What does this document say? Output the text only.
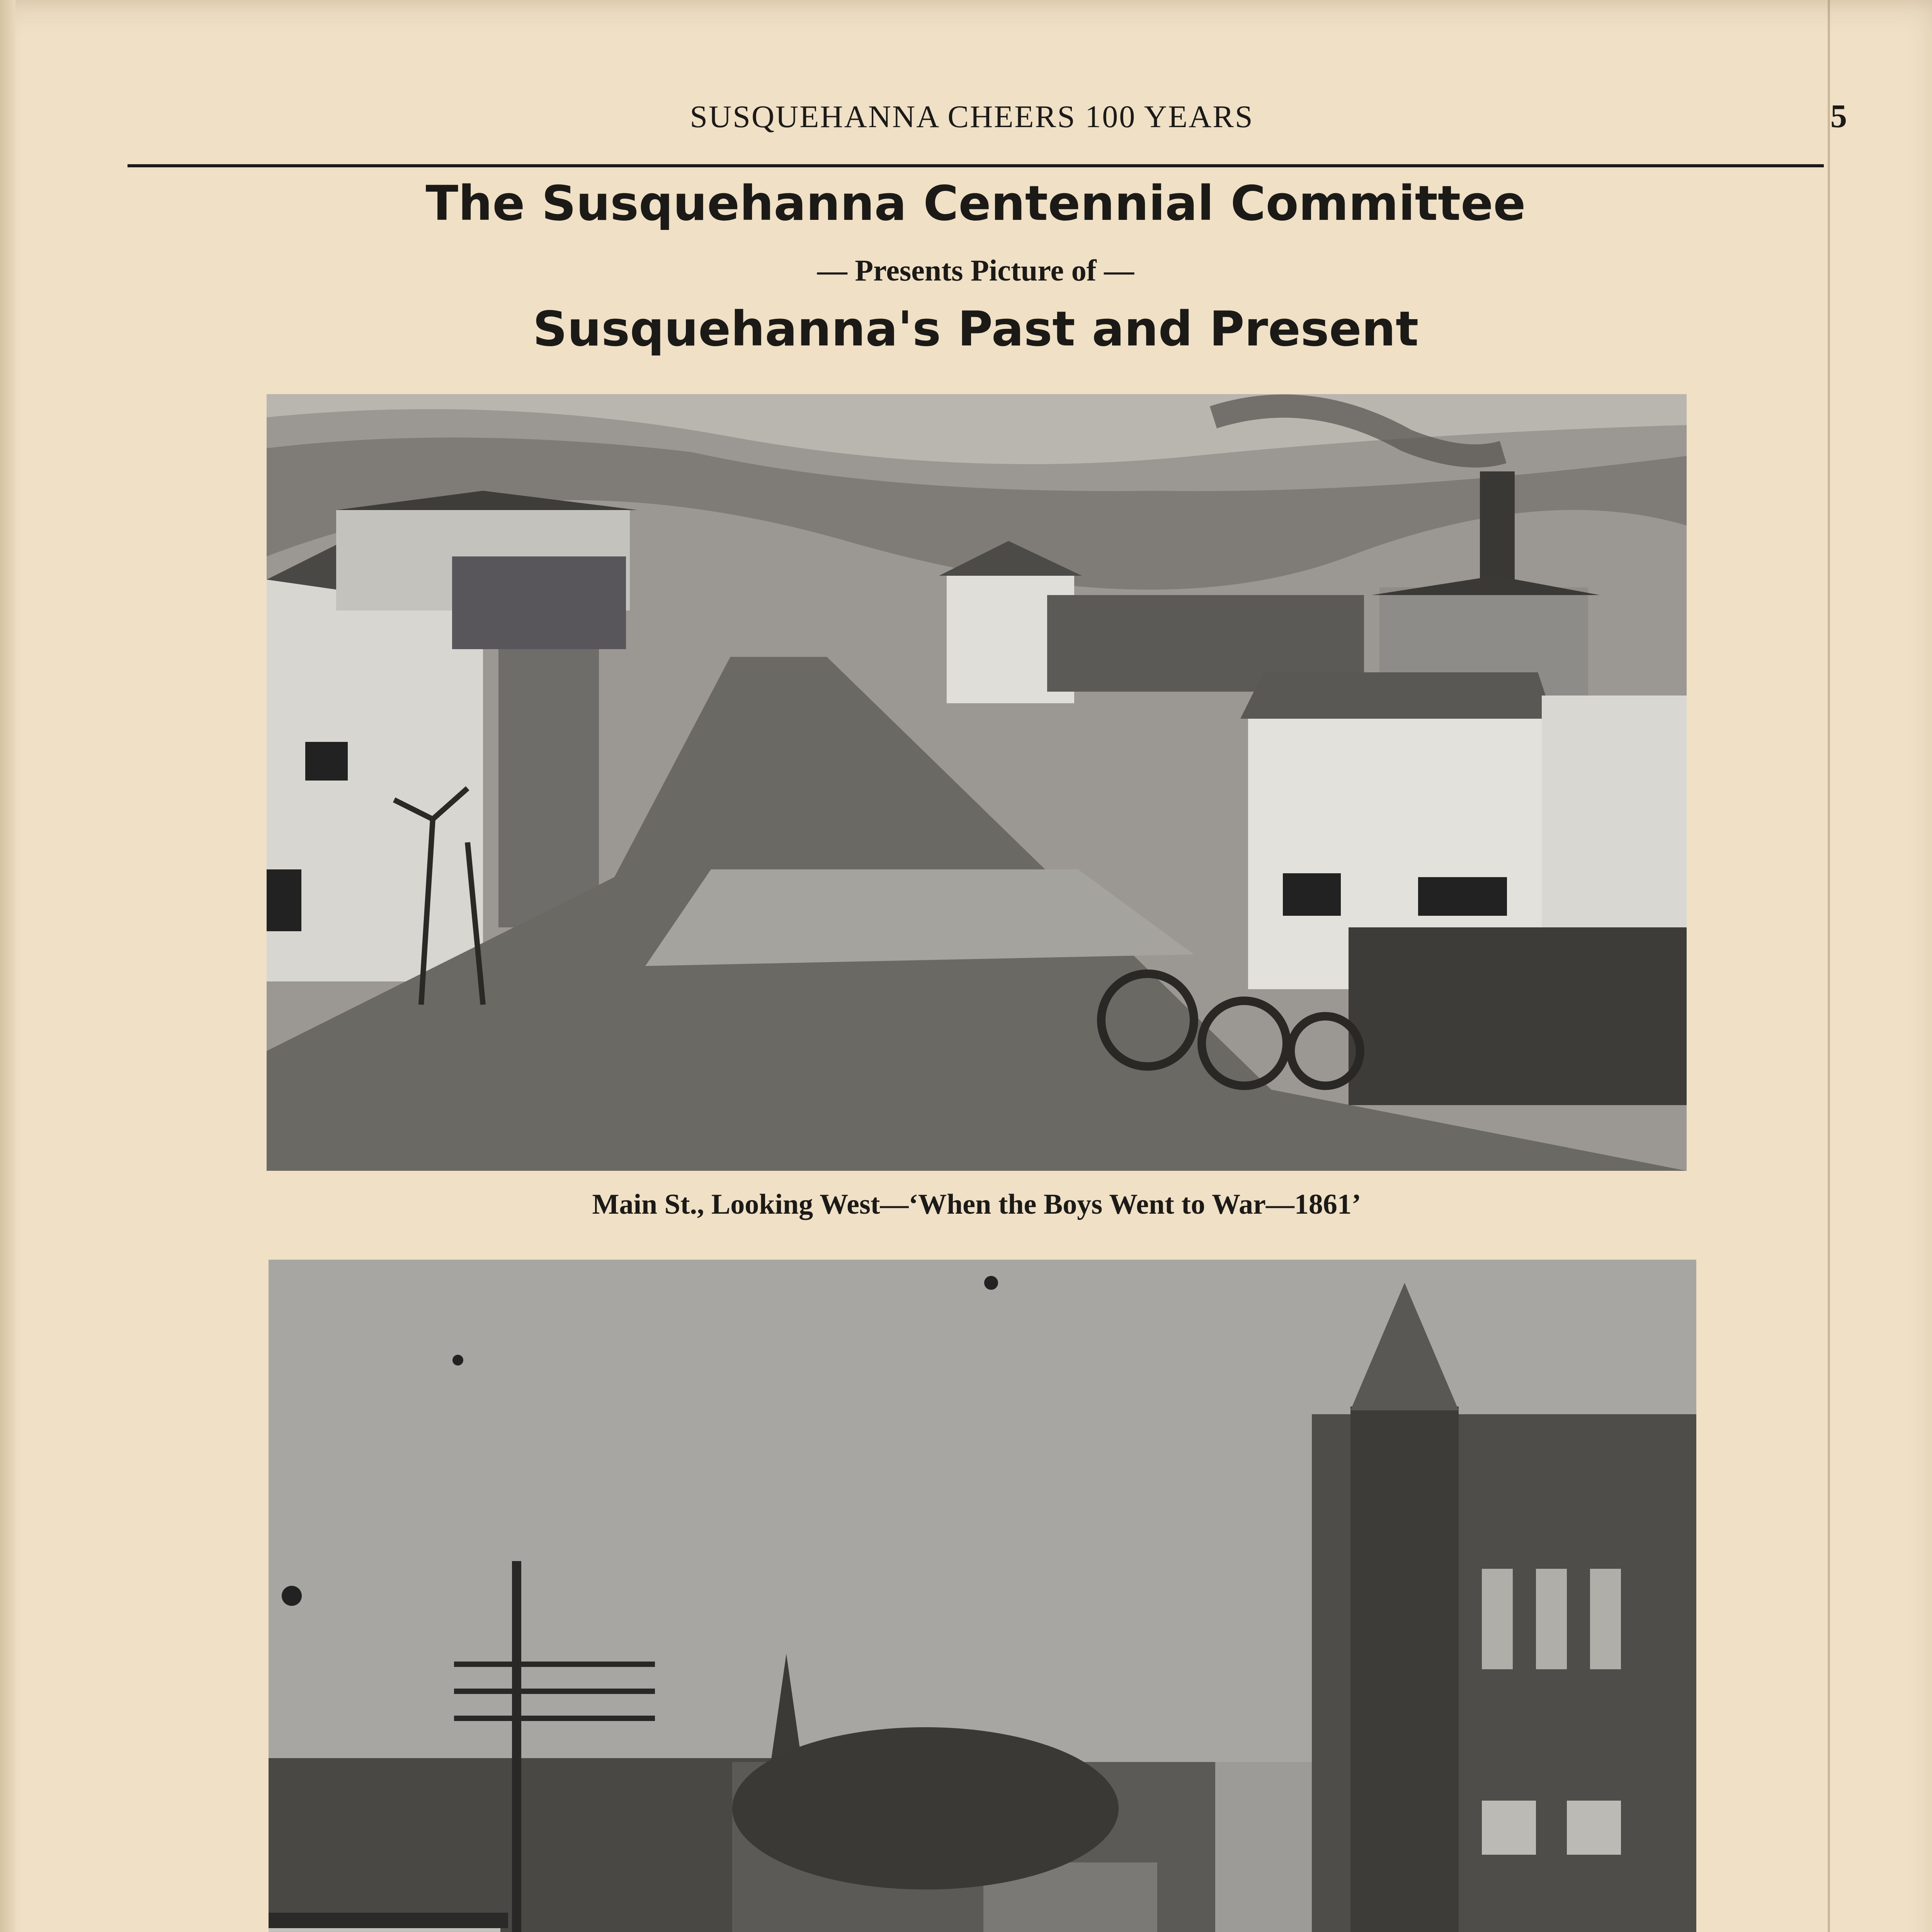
SUSQUEHANNA CHEERS 100 YEARS	5
The Susquehanna Centennial Committee
— Presents Picture of —
Susquehanna's Past and Present
Main St., Looking West—‘When the Boys Went to War—1861’
